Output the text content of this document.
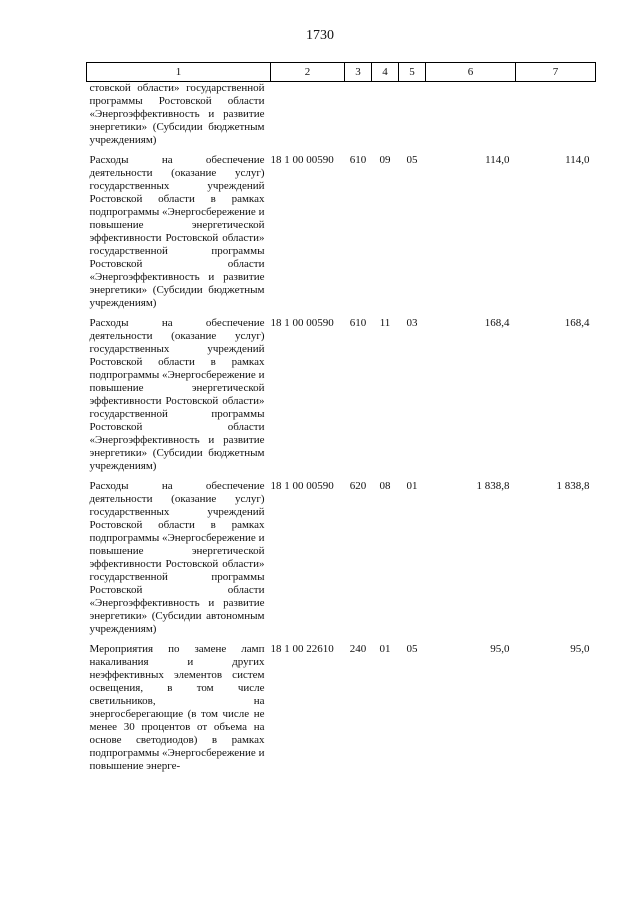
1730
1	2	3	4	5	6	7
стовской области» государственной программы Ростовской области «Энергоэффективность и развитие энергетики» (Субсидии бюджетным учреждениям)						
Расходы на обеспечение деятельности (оказание услуг) государственных учреждений Ростовской области в рамках подпрограммы «Энергосбережение и повышение энергетической эффективности Ростовской области» государственной программы Ростовской области «Энергоэффективность и развитие энергетики» (Субсидии бюджетным учреждениям)	18 1 00 00590	610	09	05	114,0	114,0
Расходы на обеспечение деятельности (оказание услуг) государственных учреждений Ростовской области в рамках подпрограммы «Энергосбережение и повышение энергетической эффективности Ростовской области» государственной программы Ростовской области «Энергоэффективность и развитие энергетики» (Субсидии бюджетным учреждениям)	18 1 00 00590	610	11	03	168,4	168,4
Расходы на обеспечение деятельности (оказание услуг) государственных учреждений Ростовской области в рамках подпрограммы «Энергосбережение и повышение энергетической эффективности Ростовской области» государственной программы Ростовской области «Энергоэффективность и развитие энергетики» (Субсидии автономным учреждениям)	18 1 00 00590	620	08	01	1 838,8	1 838,8
Мероприятия по замене ламп накаливания и других неэффективных элементов систем освещения, в том числе светильников, на энергосберегающие (в том числе не менее 30 процентов от объема на основе светодиодов) в рамках подпрограммы «Энергосбережение и повышение энерге-	18 1 00 22610	240	01	05	95,0	95,0
